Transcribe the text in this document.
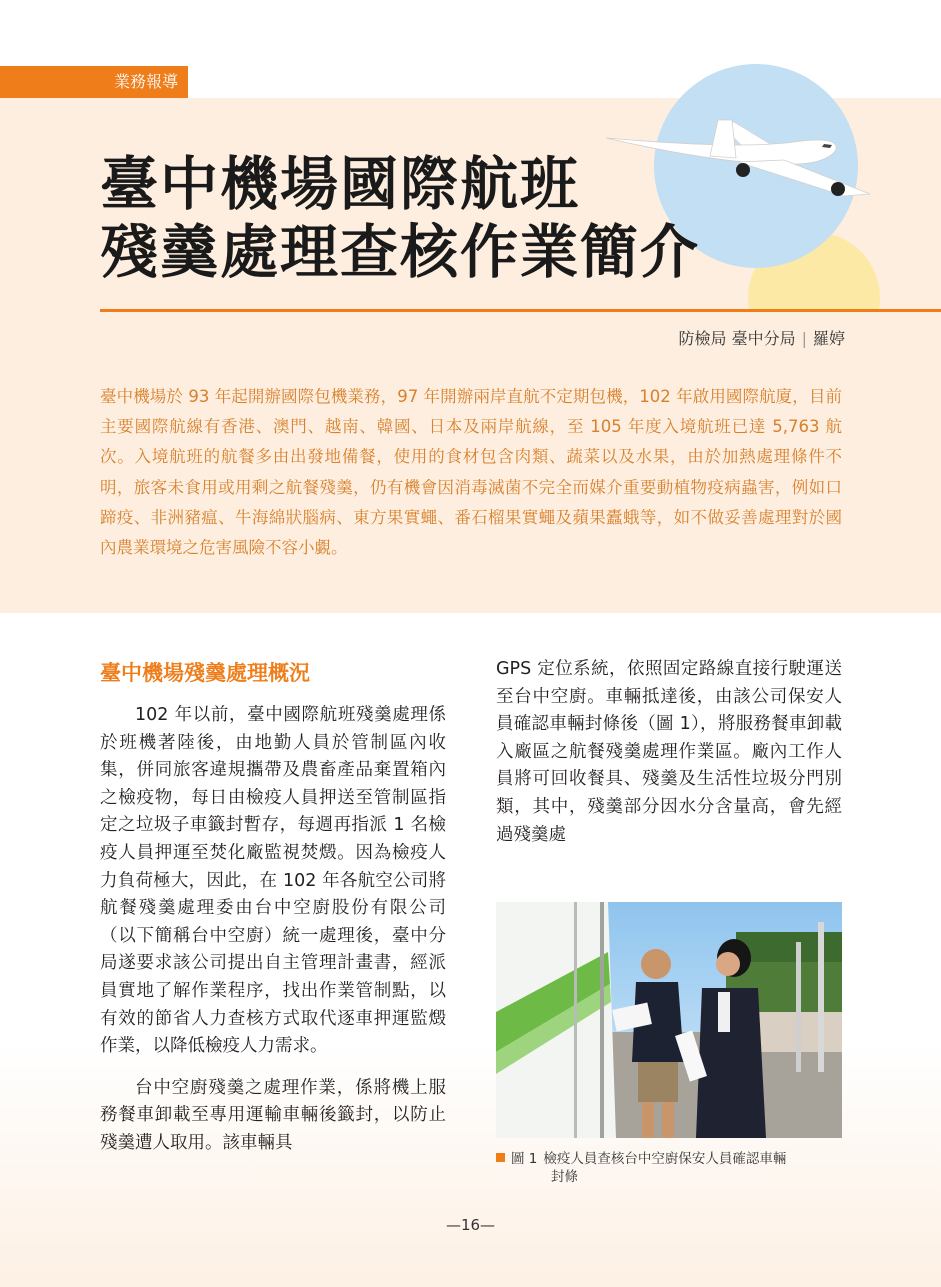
業務報導
臺中機場國際航班
殘羹處理查核作業簡介
防檢局 臺中分局 | 羅婷

臺中機場於 93 年起開辦國際包機業務，97 年開辦兩岸直航不定期包機，102 年啟用國際航廈，目前主要國際航線有香港、澳門、越南、韓國、日本及兩岸航線，至 105 年度入境航班已達 5,763 航次。入境航班的航餐多由出發地備餐，使用的食材包含肉類、蔬菜以及水果，由於加熱處理條件不明，旅客未食用或用剩之航餐殘羹，仍有機會因消毒滅菌不完全而媒介重要動植物疫病蟲害，例如口蹄疫、非洲豬瘟、牛海綿狀腦病、東方果實蠅、番石榴果實蠅及蘋果蠹蛾等，如不做妥善處理對於國內農業環境之危害風險不容小覷。

臺中機場殘羹處理概況

102 年以前，臺中國際航班殘羹處理係於班機著陸後，由地勤人員於管制區內收集，併同旅客違規攜帶及農畜產品棄置箱內之檢疫物，每日由檢疫人員押送至管制區指定之垃圾子車籤封暫存，每週再指派 1 名檢疫人員押運至焚化廠監視焚燬。因為檢疫人力負荷極大，因此，在 102 年各航空公司將航餐殘羹處理委由台中空廚股份有限公司（以下簡稱台中空廚）統一處理後，臺中分局遂要求該公司提出自主管理計畫書，經派員實地了解作業程序，找出作業管制點，以有效的節省人力查核方式取代逐車押運監燬作業，以降低檢疫人力需求。

台中空廚殘羹之處理作業，係將機上服務餐車卸載至專用運輸車輛後籤封，以防止殘羹遭人取用。該車輛具

GPS 定位系統，依照固定路線直接行駛運送至台中空廚。車輛抵達後，由該公司保安人員確認車輛封條後（圖 1），將服務餐車卸載入廠區之航餐殘羹處理作業區。廠內工作人員將可回收餐具、殘羹及生活性垃圾分門別類，其中，殘羹部分因水分含量高，會先經過殘羹處

圖 1 檢疫人員查核台中空廚保安人員確認車輛
封條
—16—
